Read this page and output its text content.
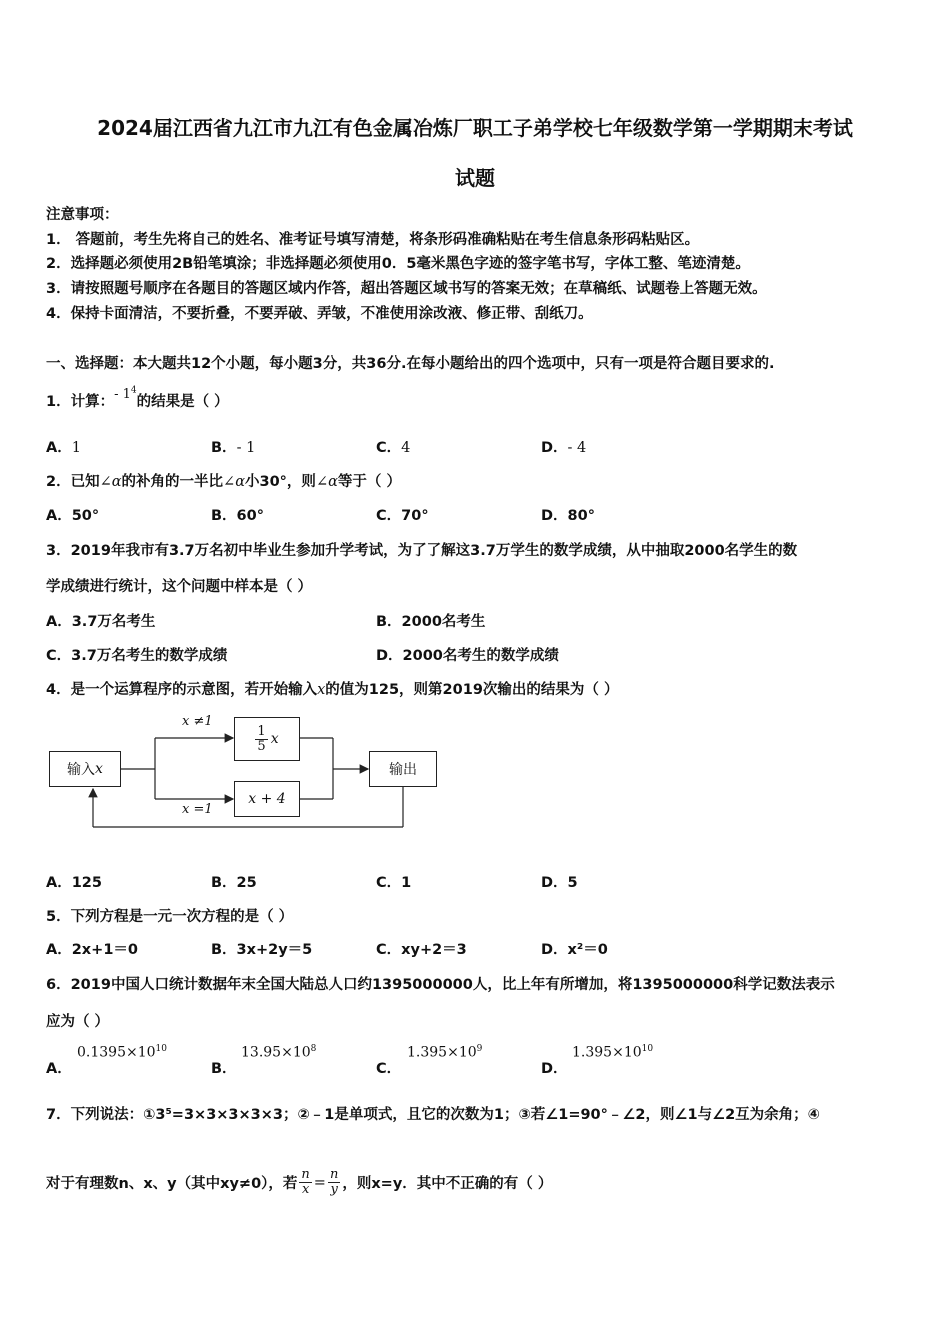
2024届江西省九江市九江有色金属冶炼厂职工子弟学校七年级数学第一学期期末考试
试题
注意事项：
1． 答题前，考生先将自己的姓名、准考证号填写清楚，将条形码准确粘贴在考生信息条形码粘贴区。
2．选择题必须使用2B铅笔填涂；非选择题必须使用0．5毫米黑色字迹的签字笔书写，字体工整、笔迹清楚。
3．请按照题号顺序在各题目的答题区域内作答，超出答题区域书写的答案无效；在草稿纸、试题卷上答题无效。
4．保持卡面清洁，不要折叠，不要弄破、弄皱，不准使用涂改液、修正带、刮纸刀。
一、选择题：本大题共12个小题，每小题3分，共36分.在每小题给出的四个选项中，只有一项是符合题目要求的.
1．计算：- $1^4$的结果是（ ）
A．1	B．- 1	C．4	D．- 4
2．已知∠α的补角的一半比∠α小30°，则∠α等于（ ）
A．50°	B．60°	C．70°	D．80°
3．2019年我市有3.7万名初中毕业生参加升学考试，为了了解这3.7万学生的数学成绩，从中抽取2000名学生的数
学成绩进行统计，这个问题中样本是（ ）
A．3.7万名考生	B．2000名考生
C．3.7万名考生的数学成绩	D．2000名考生的数学成绩
4．是一个运算程序的示意图，若开始输入x的值为125，则第2019次输出的结果为（ ）
输入 x
$\frac{1}{5}$ x
x + 4
输出
x ≠1
x =1
A．125	B．25	C．1	D．5
5．下列方程是一元一次方程的是（ ）
A．2x+1＝0	B．3x+2y＝5	C．xy+2＝3	D．x²＝0
6．2019中国人口统计数据年末全国大陆总人口约1395000000人，比上年有所增加，将1395000000科学记数法表示
应为（ ）
A．
$0.1395\times 10^{10}$
B．
$13.95\times 10^8$
C．
$1.395\times 10^9$
D．
$1.395\times 10^{10}$
7．下列说法：①3⁵=3×3×3×3×3；②﹣1是单项式，且它的次数为1；③若∠1=90°﹣∠2，则∠1与∠2互为余角；④
对于有理数n、x、y（其中xy≠0），若 $\frac{n}{x} = \frac{n}{y}$ ，则x=y．其中不正确的有（ ）
